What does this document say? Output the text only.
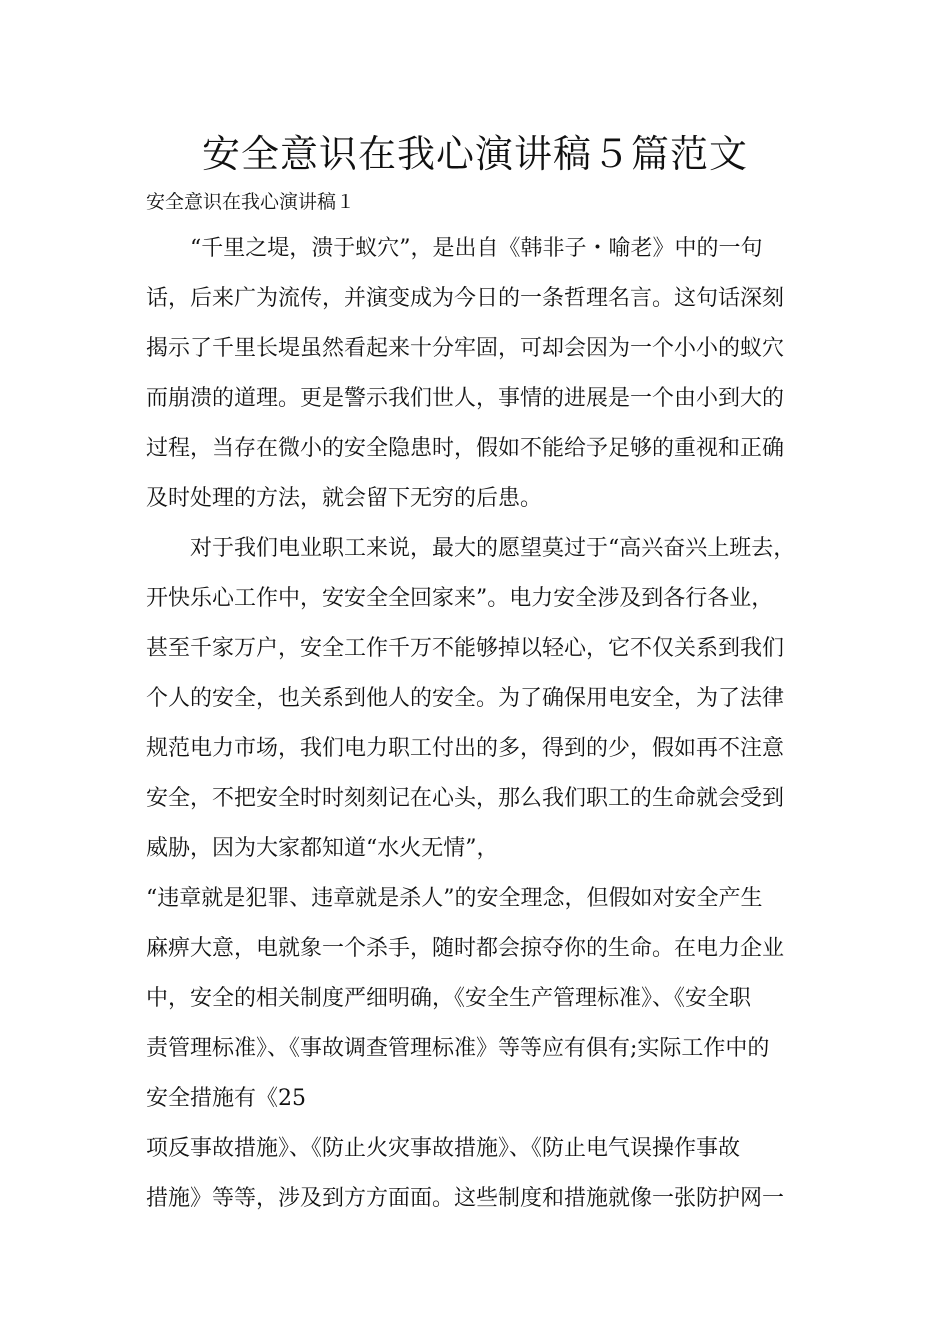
安全意识在我心演讲稿５篇范文

安全意识在我心演讲稿１

“千里之堤，溃于蚁穴”，是出自《韩非子・喻老》中的一句

话，后来广为流传，并演变成为今日的一条哲理名言。这句话深刻

揭示了千里长堤虽然看起来十分牢固，可却会因为一个小小的蚁穴

而崩溃的道理。更是警示我们世人，事情的进展是一个由小到大的

过程，当存在微小的安全隐患时，假如不能给予足够的重视和正确

及时处理的方法，就会留下无穷的后患。

对于我们电业职工来说，最大的愿望莫过于“高兴奋兴上班去，

开快乐心工作中，安安全全回家来”。电力安全涉及到各行各业，

甚至千家万户，安全工作千万不能够掉以轻心，它不仅关系到我们

个人的安全，也关系到他人的安全。为了确保用电安全，为了法律

规范电力市场，我们电力职工付出的多，得到的少，假如再不注意

安全，不把安全时时刻刻记在心头，那么我们职工的生命就会受到

威胁，因为大家都知道“水火无情”，

“违章就是犯罪、违章就是杀人”的安全理念，但假如对安全产生

麻痹大意，电就象一个杀手，随时都会掠夺你的生命。在电力企业

中，安全的相关制度严细明确，《安全生产管理标准》、《安全职

责管理标准》、《事故调查管理标准》等等应有俱有;实际工作中的

安全措施有《25

项反事故措施》、《防止火灾事故措施》、《防止电气误操作事故

措施》等等，涉及到方方面面。这些制度和措施就像一张防护网一
